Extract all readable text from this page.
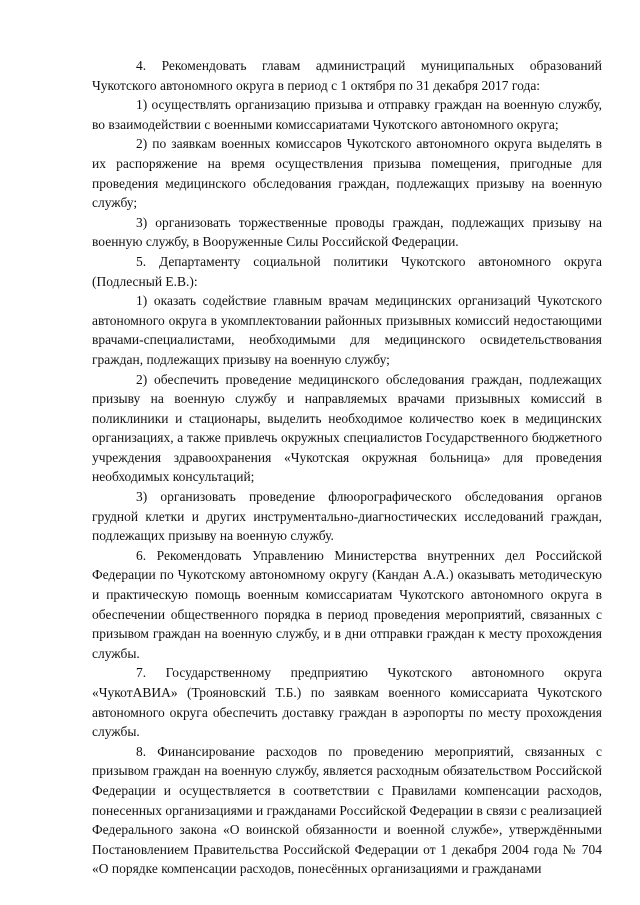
4. Рекомендовать главам администраций муниципальных образований Чукотского автономного округа в период с 1 октября по 31 декабря 2017 года:

1) осуществлять организацию призыва и отправку граждан на военную службу, во взаимодействии с военными комиссариатами Чукотского автономного округа;

2) по заявкам военных комиссаров Чукотского автономного округа выделять в их распоряжение на время осуществления призыва помещения, пригодные для проведения медицинского обследования граждан, подлежащих призыву на военную службу;

3) организовать торжественные проводы граждан, подлежащих призыву на военную службу, в Вооруженные Силы Российской Федерации.

5. Департаменту социальной политики Чукотского автономного округа (Подлесный Е.В.):

1) оказать содействие главным врачам медицинских организаций Чукотского автономного округа в укомплектовании районных призывных комиссий недостающими врачами-специалистами, необходимыми для медицинского освидетельствования граждан, подлежащих призыву на военную службу;

2) обеспечить проведение медицинского обследования граждан, подлежащих призыву на военную службу и направляемых врачами призывных комиссий в поликлиники и стационары, выделить необходимое количество коек в медицинских организациях, а также привлечь окружных специалистов Государственного бюджетного учреждения здравоохранения «Чукотская окружная больница» для проведения необходимых консультаций;

3) организовать проведение флюорографического обследования органов грудной клетки и других инструментально-диагностических исследований граждан, подлежащих призыву на военную службу.

6. Рекомендовать Управлению Министерства внутренних дел Российской Федерации по Чукотскому автономному округу (Кандан А.А.) оказывать методическую и практическую помощь военным комиссариатам Чукотского автономного округа в обеспечении общественного порядка в период проведения мероприятий, связанных с призывом граждан на военную службу, и в дни отправки граждан к месту прохождения службы.

7. Государственному предприятию Чукотского автономного округа «ЧукотАВИА» (Трояновский Т.Б.) по заявкам военного комиссариата Чукотского автономного округа обеспечить доставку граждан в аэропорты по месту прохождения службы.

8. Финансирование расходов по проведению мероприятий, связанных с призывом граждан на военную службу, является расходным обязательством Российской Федерации и осуществляется в соответствии с Правилами компенсации расходов, понесенных организациями и гражданами Российской Федерации в связи с реализацией Федерального закона «О воинской обязанности и военной службе», утверждёнными Постановлением Правительства Российской Федерации от 1 декабря 2004 года № 704 «О порядке компенсации расходов, понесённых организациями и гражданами
